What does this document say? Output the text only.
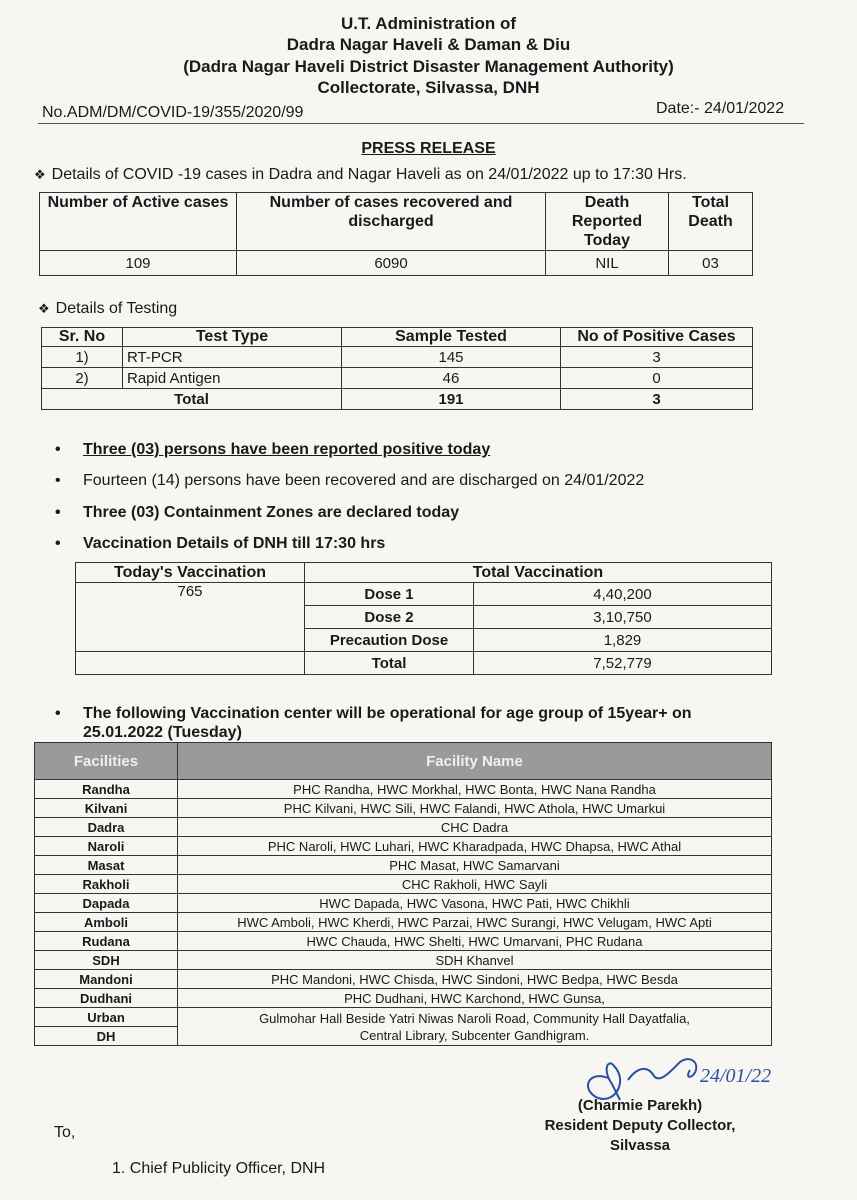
U.T. Administration of
Dadra Nagar Haveli & Daman & Diu
(Dadra Nagar Haveli District Disaster Management Authority)
Collectorate, Silvassa, DNH
No.ADM/DM/COVID-19/355/2020/99	Date:- 24/01/2022
PRESS RELEASE
❖ Details of COVID -19 cases in Dadra and Nagar Haveli as on 24/01/2022 up to 17:30 Hrs.
Number of Active cases	Number of cases recovered and discharged	Death Reported Today	Total Death
109	6090	NIL	03
❖ Details of Testing
Sr. No	Test Type	Sample Tested	No of Positive Cases
1)	RT-PCR	145	3
2)	Rapid Antigen	46	0
Total		191	3
• Three (03) persons have been reported positive today
• Fourteen (14) persons have been recovered and are discharged on 24/01/2022
• Three (03) Containment Zones are declared today
• Vaccination Details of DNH till 17:30 hrs
Today's Vaccination	Total Vaccination	
765	Dose 1	4,40,200
	Dose 2	3,10,750
	Precaution Dose	1,829
	Total	7,52,779
• The following Vaccination center will be operational for age group of 15year+ on
25.01.2022 (Tuesday)
Facilities	Facility Name
Randha	PHC Randha, HWC Morkhal, HWC Bonta, HWC Nana Randha
Kilvani	PHC Kilvani, HWC Sili, HWC Falandi, HWC Athola, HWC Umarkui
Dadra	CHC Dadra
Naroli	PHC Naroli, HWC Luhari, HWC Kharadpada, HWC Dhapsa, HWC Athal
Masat	PHC Masat, HWC Samarvani
Rakholi	CHC Rakholi, HWC Sayli
Dapada	HWC Dapada, HWC Vasona, HWC Pati, HWC Chikhli
Amboli	HWC Amboli, HWC Kherdi, HWC Parzai, HWC Surangi, HWC Velugam, HWC Apti
Rudana	HWC Chauda, HWC Shelti, HWC Umarvani, PHC Rudana
SDH	SDH Khanvel
Mandoni	PHC Mandoni, HWC Chisda, HWC Sindoni, HWC Bedpa, HWC Besda
Dudhani	PHC Dudhani, HWC Karchond, HWC Gunsa,
Urban	Gulmohar Hall Beside Yatri Niwas Naroli Road, Community Hall Dayatfalia,
Central Library, Subcenter Gandhigram.
DH	
24/01/22
(Charmie Parekh)
Resident Deputy Collector,
Silvassa
To,
1. Chief Publicity Officer, DNH
